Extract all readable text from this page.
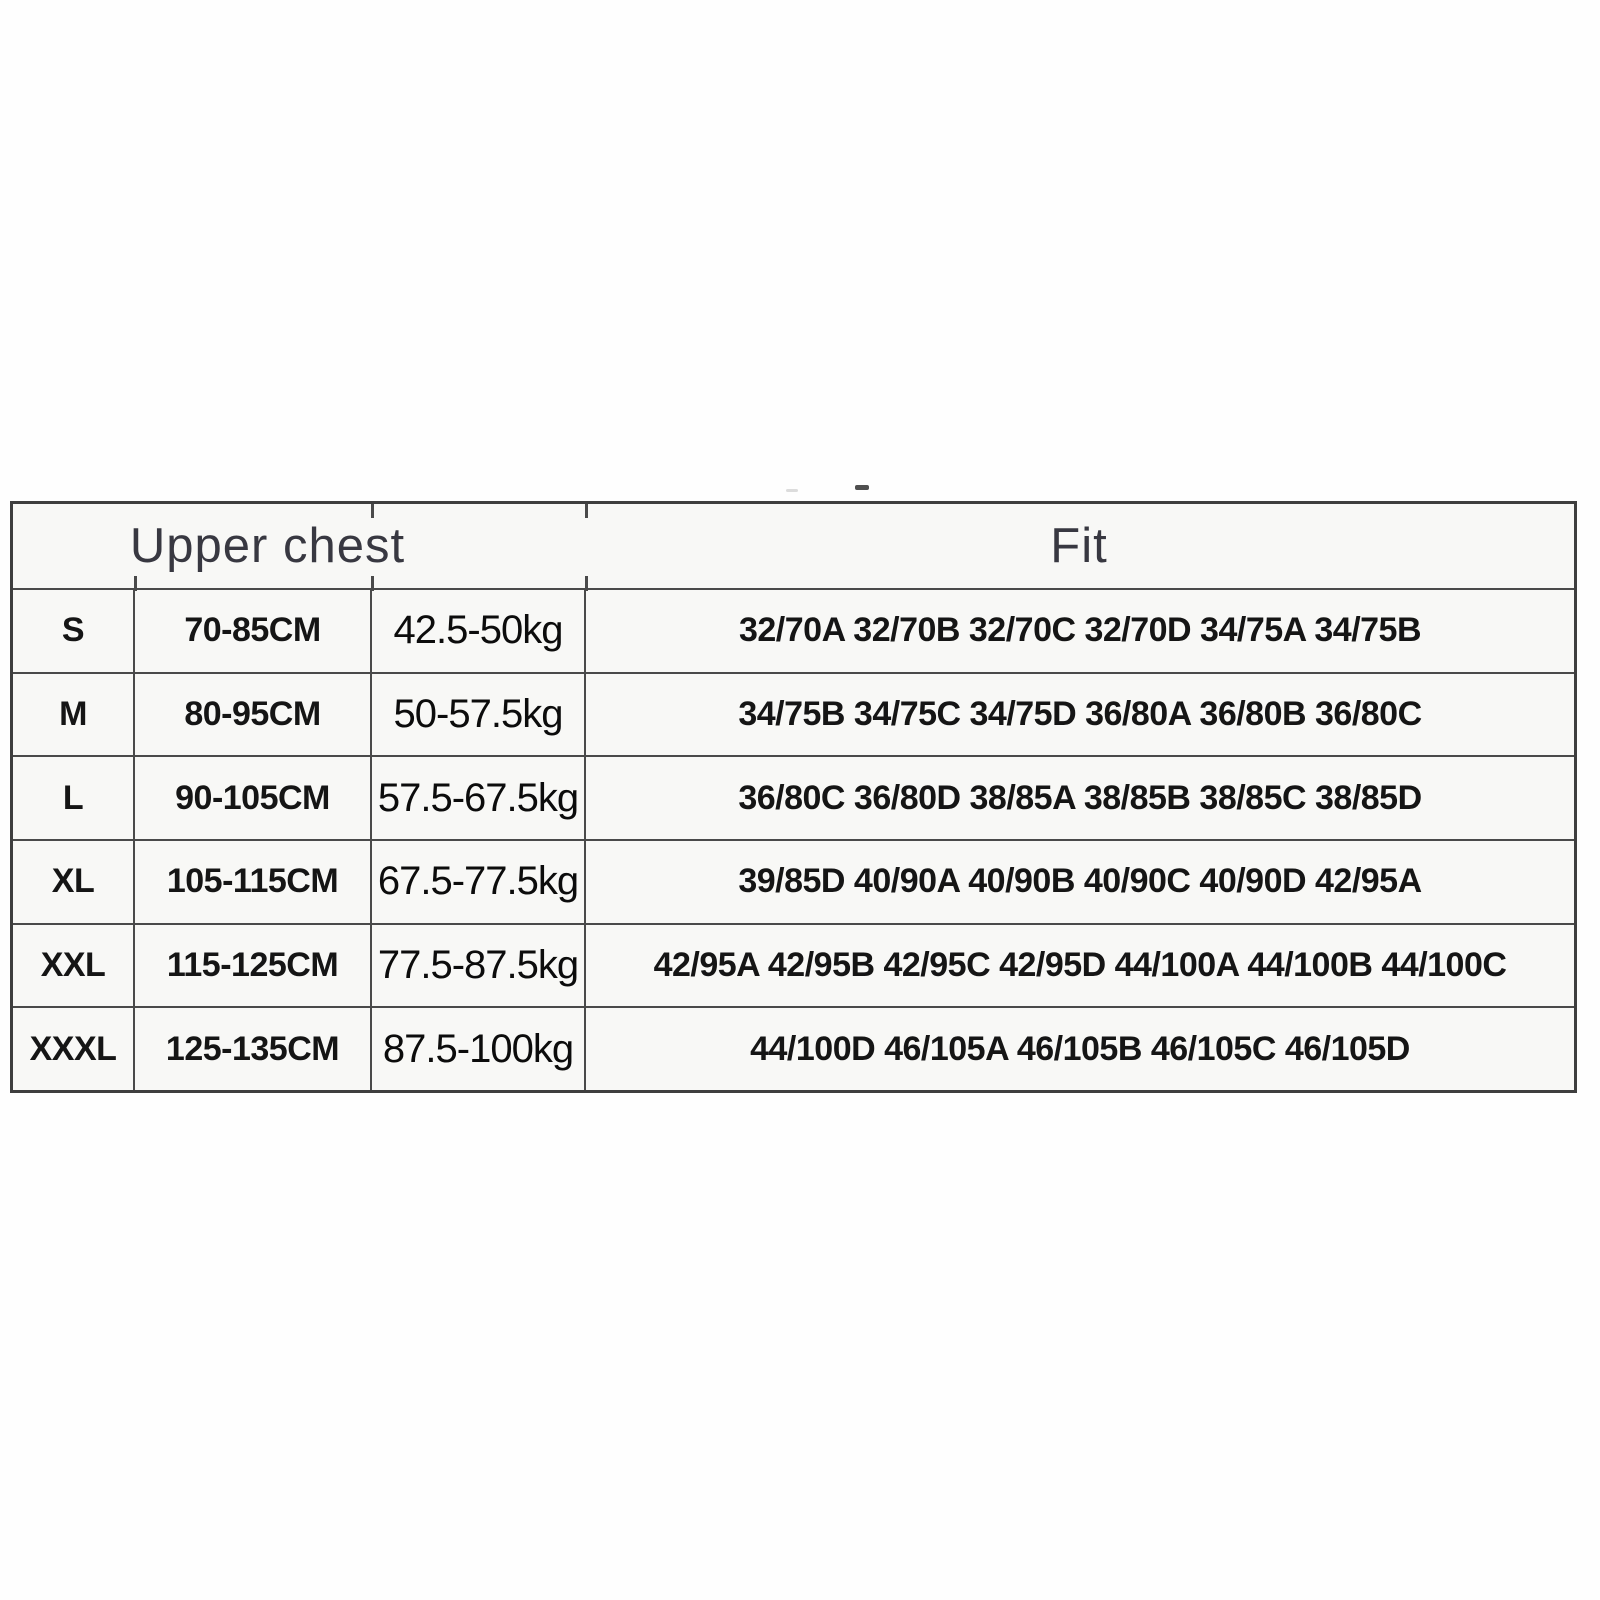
Upper chest	Fit
S	70-85CM 42.5-50kg	32/70A 32/70B 32/70C 32/70D 34/75A 34/75B
M	80-95CM 50-57.5kg	34/75B 34/75C 34/75D 36/80A 36/80B 36/80C
L	90-105CM 57.5-67.5kg	36/80C 36/80D 38/85A 38/85B 38/85C 38/85D
XL 105-115CM 67.5-77.5kg	39/85D 40/90A 40/90B 40/90C 40/90D 42/95A
XXL 115-125CM 77.5-87.5kg 42/95A 42/95B 42/95C 42/95D 44/100A 44/100B 44/100C
XXXL 125-135CM 87.5-100kg	44/100D 46/105A 46/105B 46/105C 46/105D
